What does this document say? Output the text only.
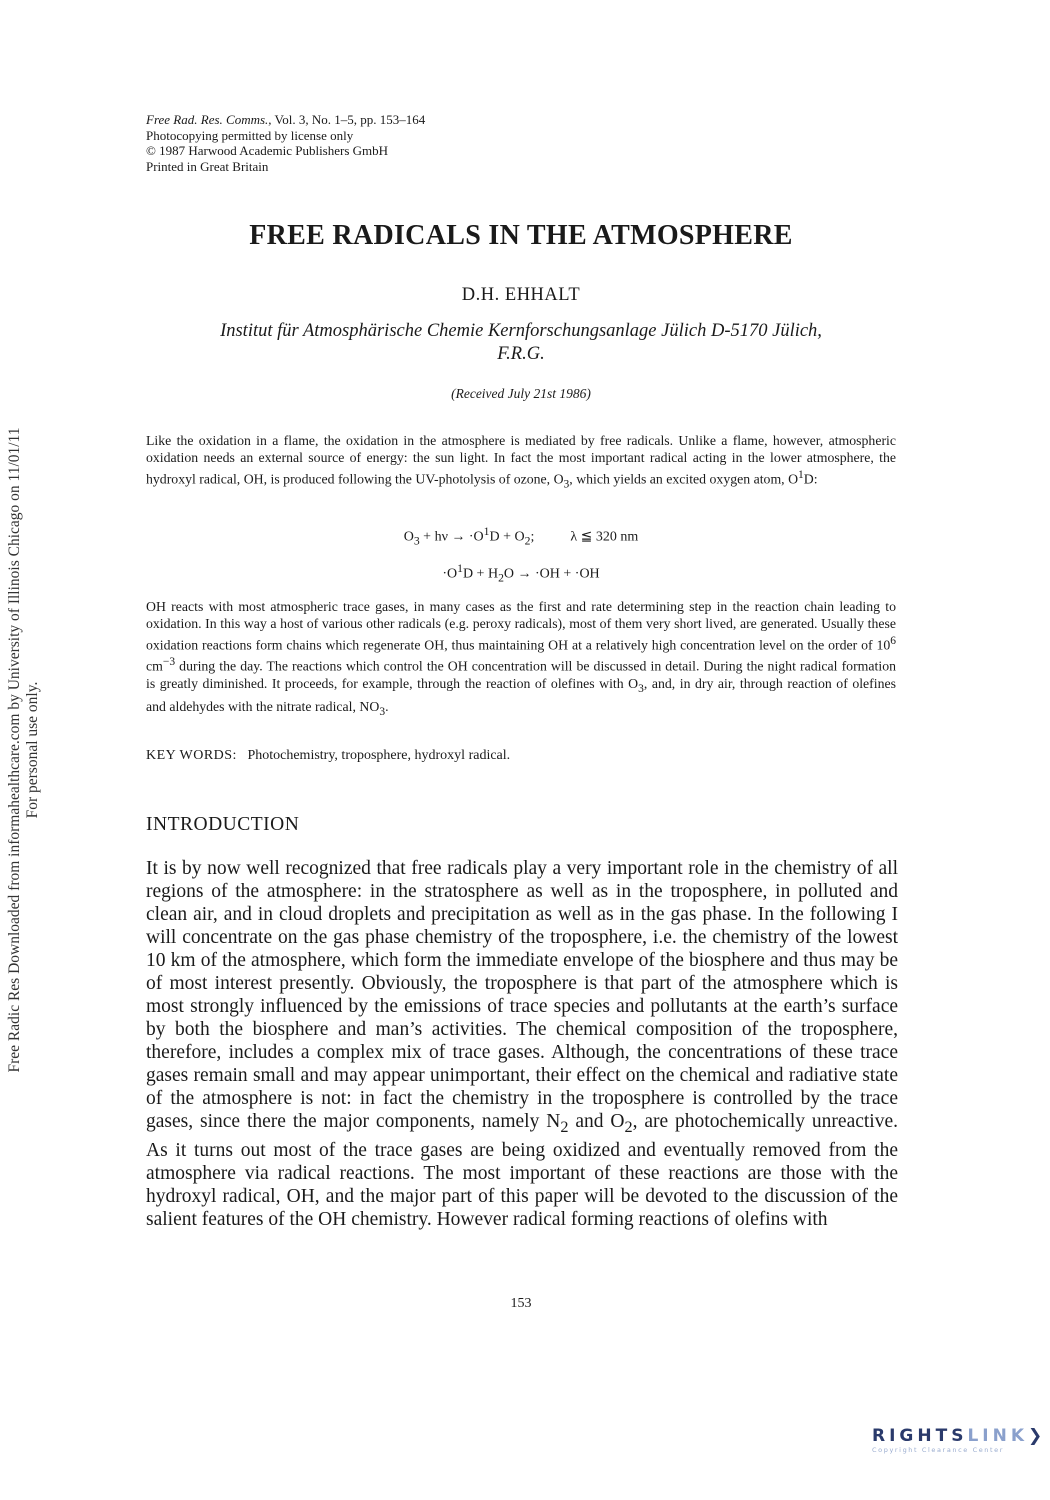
Free Radic Res Downloaded from informahealthcare.com by University of Illinois Chicago on 11/01/11 For personal use only.
Free Rad. Res. Comms., Vol. 3, No. 1–5, pp. 153–164
Photocopying permitted by license only
© 1987 Harwood Academic Publishers GmbH
Printed in Great Britain
FREE RADICALS IN THE ATMOSPHERE
D.H. EHHALT
Institut für Atmosphärische Chemie Kernforschungsanlage Jülich D-5170 Jülich,
F.R.G.
(Received July 21st 1986)

Like the oxidation in a flame, the oxidation in the atmosphere is mediated by free radicals. Unlike a flame, however, atmospheric oxidation needs an external source of energy: the sun light. In fact the most important radical acting in the lower atmosphere, the hydroxyl radical, OH, is produced following the UV-photolysis of ozone, $O_3$, which yields an excited oxygen atom, $O^1D$:

$O_3 + h\nu \to \cdot O^1D + O_2$;	λ ≦ 320 nm
$\cdot O^1D + H_2O \to \cdot OH + \cdot OH$

OH reacts with most atmospheric trace gases, in many cases as the first and rate determining step in the reaction chain leading to oxidation. In this way a host of various other radicals (e.g. peroxy radicals), most of them very short lived, are generated. Usually these oxidation reactions form chains which regenerate OH, thus maintaining OH at a relatively high concentration level on the order of $10^6$ $cm^{-3}$ during the day. The reactions which control the OH concentration will be discussed in detail. During the night radical formation is greatly diminished. It proceeds, for example, through the reaction of olefines with $O_3$, and, in dry air, through reaction of olefines and aldehydes with the nitrate radical, $NO_3$.

KEY WORDS: Photochemistry, troposphere, hydroxyl radical.
INTRODUCTION

It is by now well recognized that free radicals play a very important role in the chemistry of all regions of the atmosphere: in the stratosphere as well as in the troposphere, in polluted and clean air, and in cloud droplets and precipitation as well as in the gas phase. In the following I will concentrate on the gas phase chemistry of the troposphere, i.e. the chemistry of the lowest 10 km of the atmosphere, which form the immediate envelope of the biosphere and thus may be of most interest presently. Obviously, the troposphere is that part of the atmosphere which is most strongly influenced by the emissions of trace species and pollutants at the earth’s surface by both the biosphere and man’s activities. The chemical composition of the troposphere, therefore, includes a complex mix of trace gases. Although, the concentrations of these trace gases remain small and may appear unimportant, their effect on the chemical and radiative state of the atmosphere is not: in fact the chemistry in the troposphere is controlled by the trace gases, since there the major components, namely $N_2$ and $O_2$, are photochemically unreactive. As it turns out most of the trace gases are being oxidized and eventually removed from the atmosphere via radical reactions. The most important of these reactions are those with the hydroxyl radical, OH, and the major part of this paper will be devoted to the discussion of the salient features of the OH chemistry. However radical forming reactions of olefins with

153
RIGHTSLINK❯
Copyright Clearance Center
